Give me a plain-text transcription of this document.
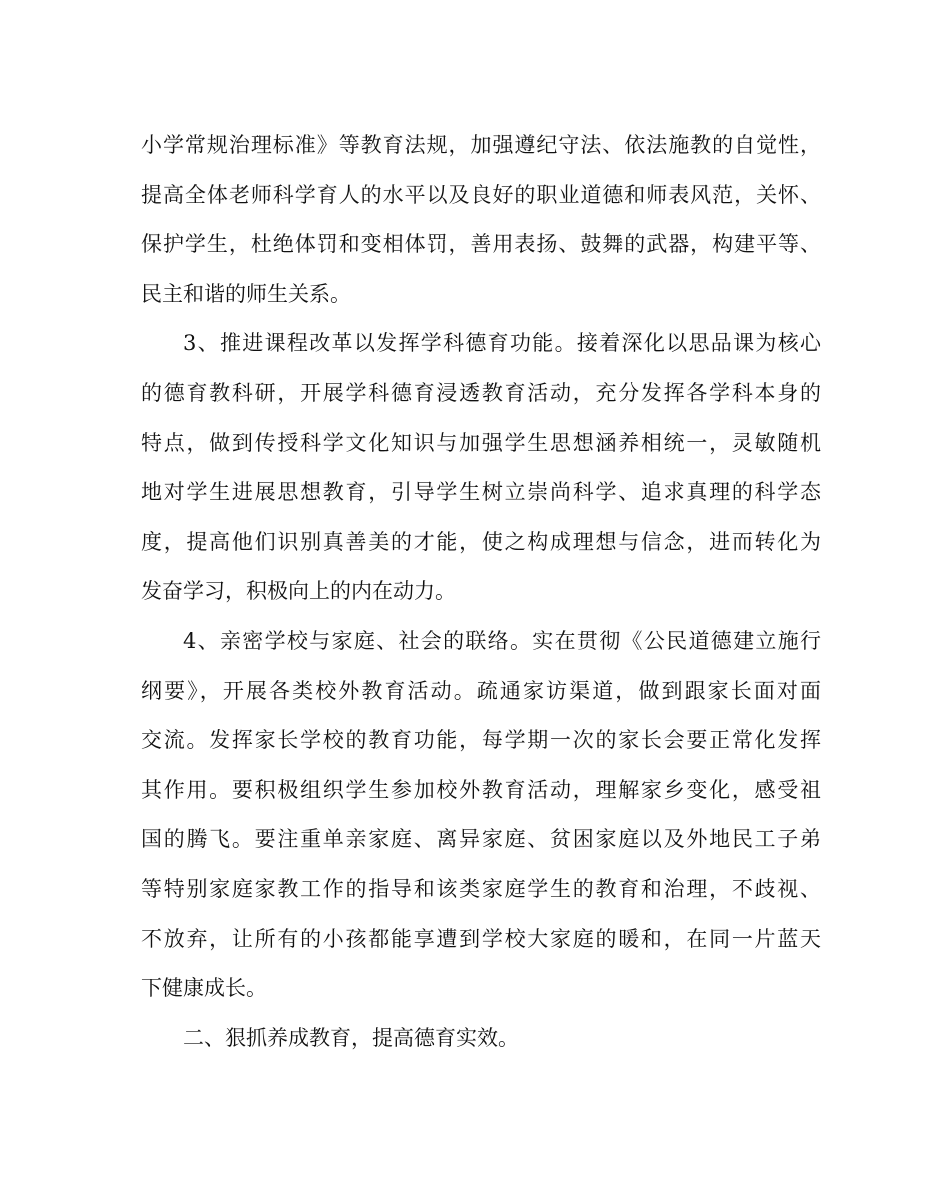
小学常规治理标准》等教育法规，加强遵纪守法、依法施教的自觉性，
提高全体老师科学育人的水平以及良好的职业道德和师表风范，关怀、
保护学生，杜绝体罚和变相体罚，善用表扬、鼓舞的武器，构建平等、
民主和谐的师生关系。
3、推进课程改革以发挥学科德育功能。接着深化以思品课为核心
的德育教科研，开展学科德育浸透教育活动，充分发挥各学科本身的
特点，做到传授科学文化知识与加强学生思想涵养相统一，灵敏随机
地对学生进展思想教育，引导学生树立崇尚科学、追求真理的科学态
度，提高他们识别真善美的才能，使之构成理想与信念，进而转化为
发奋学习，积极向上的内在动力。
4、亲密学校与家庭、社会的联络。实在贯彻《公民道德建立施行
纲要》，开展各类校外教育活动。疏通家访渠道，做到跟家长面对面
交流。发挥家长学校的教育功能，每学期一次的家长会要正常化发挥
其作用。要积极组织学生参加校外教育活动，理解家乡变化，感受祖
国的腾飞。要注重单亲家庭、离异家庭、贫困家庭以及外地民工子弟
等特别家庭家教工作的指导和该类家庭学生的教育和治理，不歧视、
不放弃，让所有的小孩都能享遭到学校大家庭的暖和，在同一片蓝天
下健康成长。
二、狠抓养成教育，提高德育实效。
